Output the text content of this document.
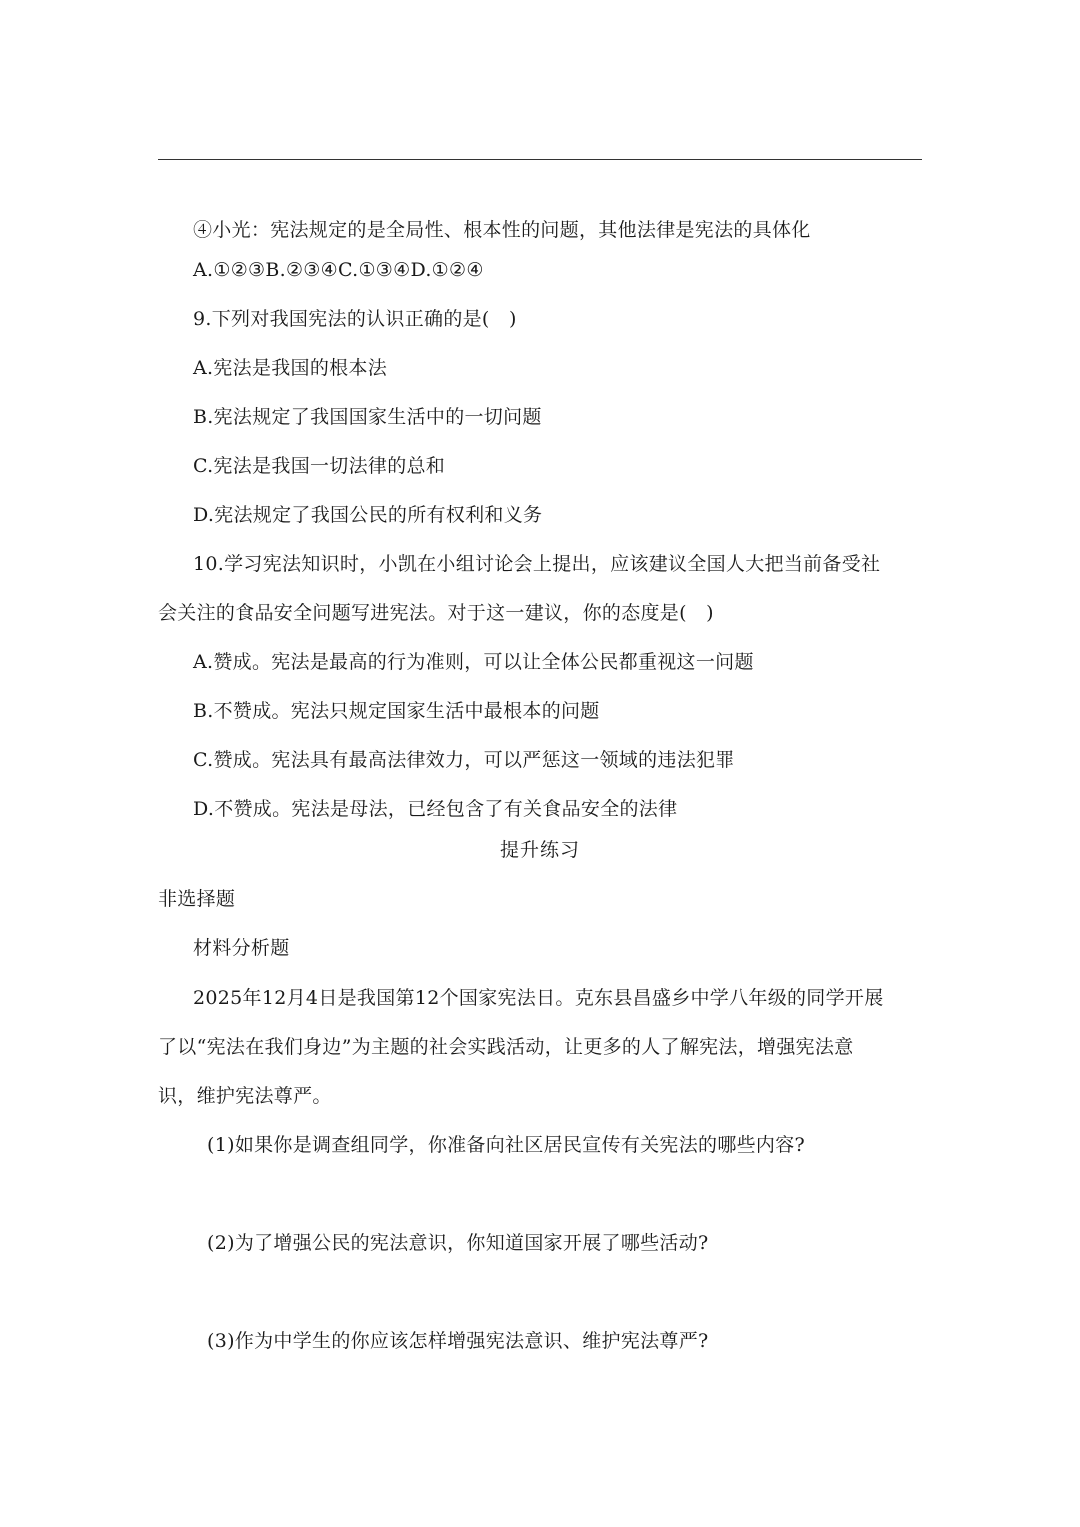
④小光：宪法规定的是全局性、根本性的问题，其他法律是宪法的具体化
A.①②③B.②③④C.①③④D.①②④
9.下列对我国宪法的认识正确的是(　)
A.宪法是我国的根本法
B.宪法规定了我国国家生活中的一切问题
C.宪法是我国一切法律的总和
D.宪法规定了我国公民的所有权利和义务
10.学习宪法知识时，小凯在小组讨论会上提出，应该建议全国人大把当前备受社
会关注的食品安全问题写进宪法。对于这一建议，你的态度是(　)
A.赞成。宪法是最高的行为准则，可以让全体公民都重视这一问题
B.不赞成。宪法只规定国家生活中最根本的问题
C.赞成。宪法具有最高法律效力，可以严惩这一领域的违法犯罪
D.不赞成。宪法是母法，已经包含了有关食品安全的法律
提升练习
非选择题
材料分析题
2025年12月4日是我国第12个国家宪法日。克东县昌盛乡中学八年级的同学开展
了以“宪法在我们身边”为主题的社会实践活动，让更多的人了解宪法，增强宪法意
识，维护宪法尊严。
(1)如果你是调查组同学，你准备向社区居民宣传有关宪法的哪些内容?
(2)为了增强公民的宪法意识，你知道国家开展了哪些活动?
(3)作为中学生的你应该怎样增强宪法意识、维护宪法尊严?
